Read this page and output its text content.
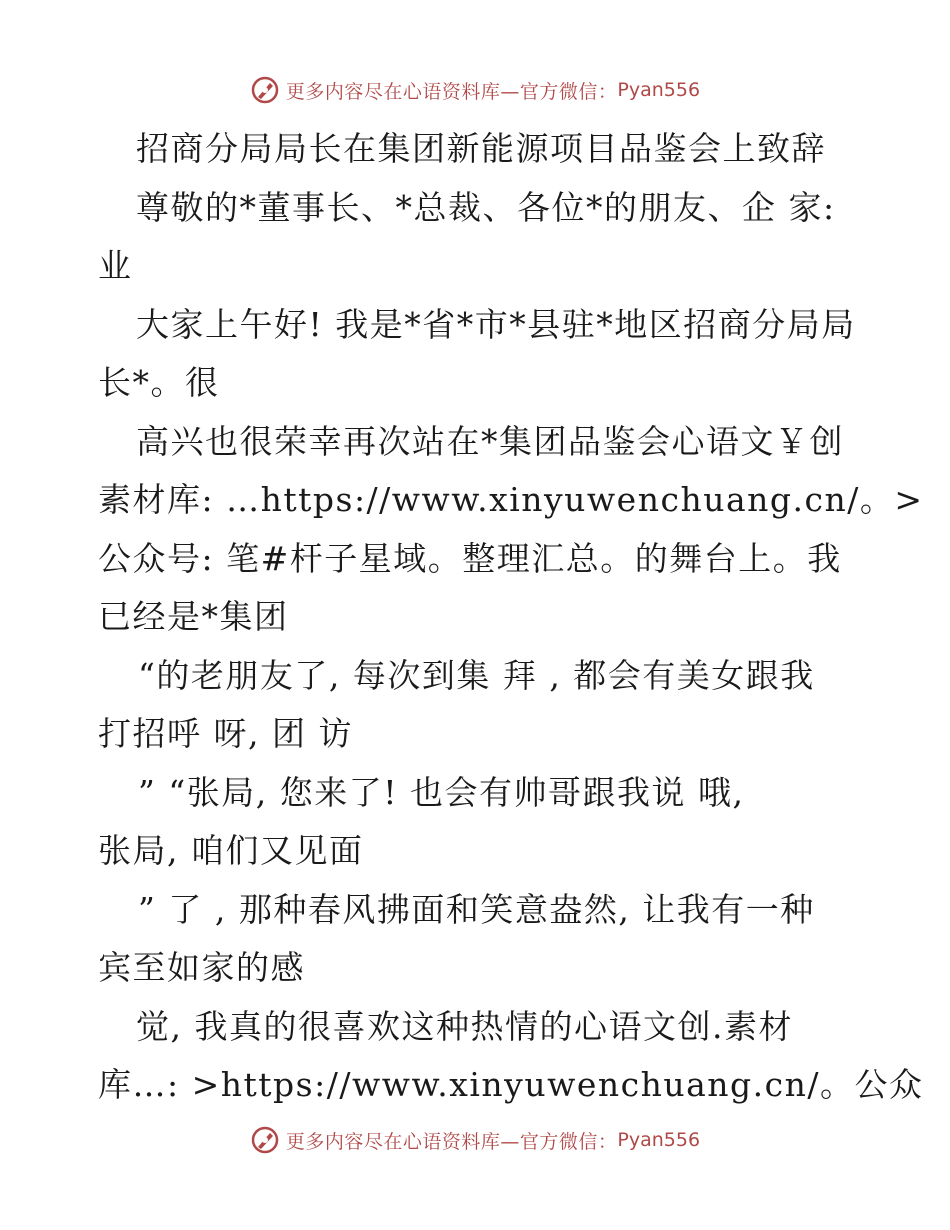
更多内容尽在心语资料库—官方微信： Pyan556
招商分局局长在集团新能源项目品鉴会上致辞
尊敬的*董事长、*总裁、各位*的朋友、企 家:
业
大家上午好! 我是*省*市*县驻*地区招商分局局
长*。很
高兴也很荣幸再次站在*集团品鉴会心语文￥创
素材库: …https://www.xinyuwenchuang.cn/。>
公众号: 笔#杆子星域。整理汇总。的舞台上。我
已经是*集团
“的老朋友了, 每次到集 拜 , 都会有美女跟我
打招呼 呀, 团 访
” “张局, 您来了! 也会有帅哥跟我说 哦,
张局, 咱们又见面
” 了 , 那种春风拂面和笑意盎然, 让我有一种
宾至如家的感
觉, 我真的很喜欢这种热情的心语文创.素材
库…: >https://www.xinyuwenchuang.cn/。公众
更多内容尽在心语资料库—官方微信： Pyan556
